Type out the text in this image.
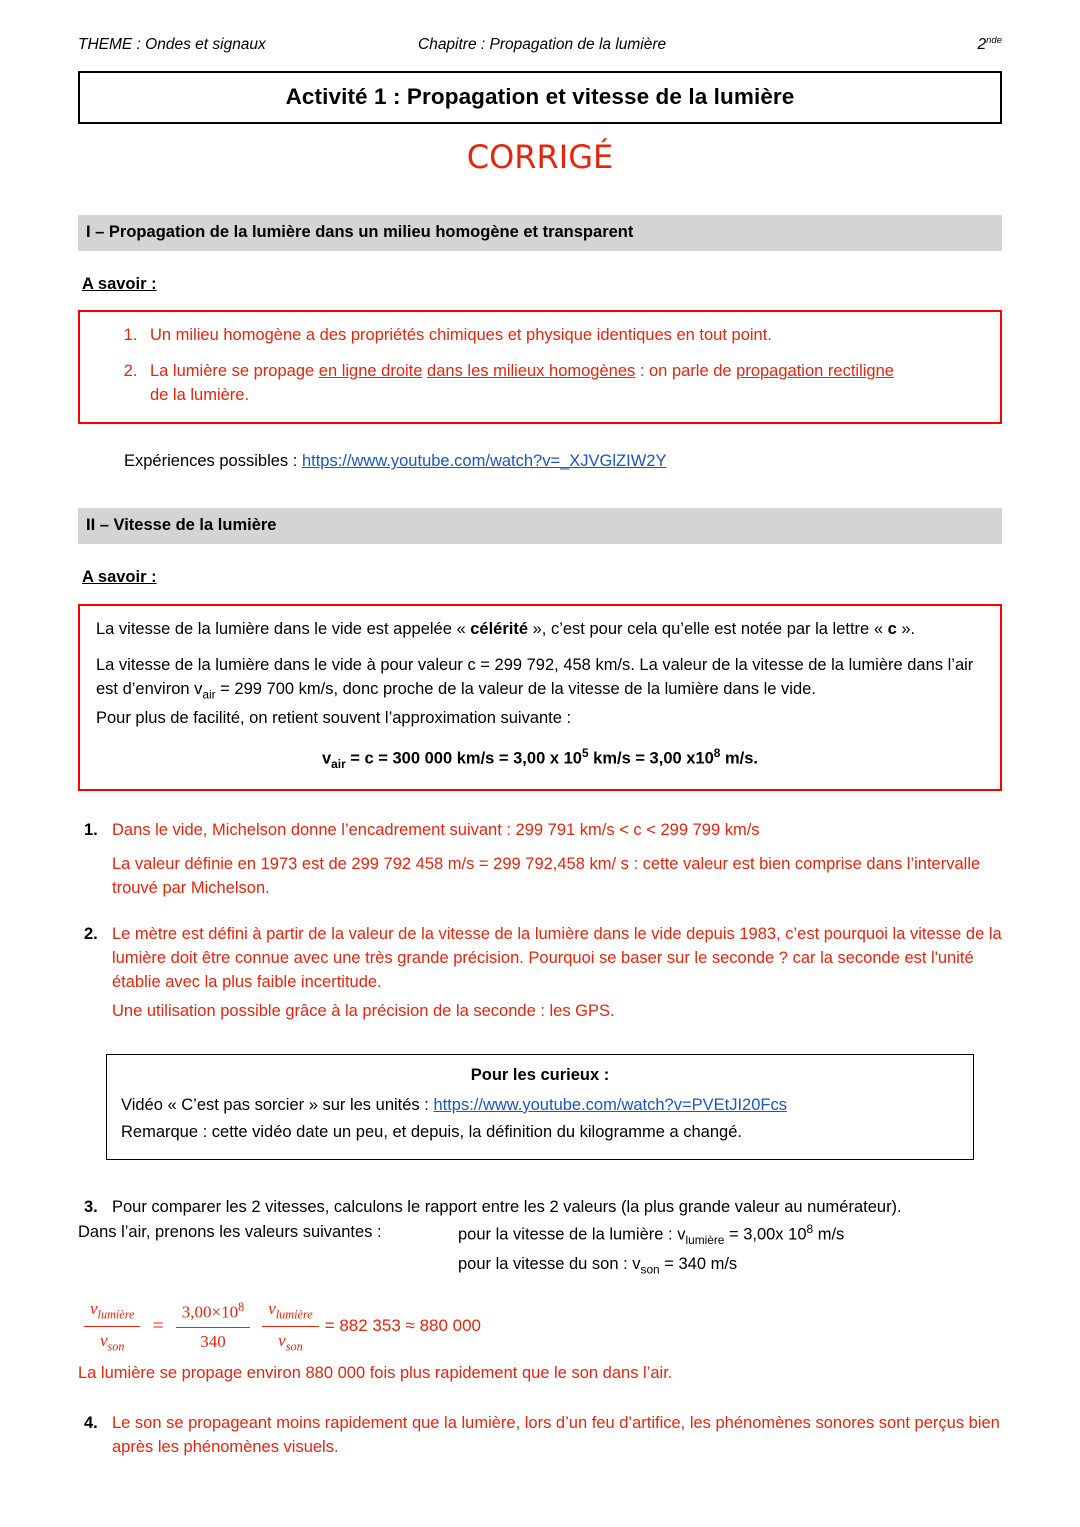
THEME : Ondes et signaux	Chapitre : Propagation de la lumière	2nde
Activité 1 : Propagation et vitesse de la lumière
CORRIGÉ
I – Propagation de la lumière dans un milieu homogène et transparent
A savoir :
1. Un milieu homogène a des propriétés chimiques et physique identiques en tout point.
2. La lumière se propage en ligne droite dans les milieux homogènes : on parle de propagation rectiligne
de la lumière.
Expériences possibles : https://www.youtube.com/watch?v=_XJVGlZIW2Y
II – Vitesse de la lumière
A savoir :

La vitesse de la lumière dans le vide est appelée « célérité », c’est pour cela qu’elle est notée par la lettre « c ».

La vitesse de la lumière dans le vide à pour valeur c = 299 792, 458 km/s. La valeur de la vitesse de la lumière dans l’air est d’environ $v_{air} = 299$ 700 km/s, donc proche de la valeur de la vitesse de la lumière dans le vide.

Pour plus de facilité, on retient souvent l’approximation suivante :

$v_{air} = c = 300$ 000 km/s = 3,00 x $10^5$ km/s = 3,00 $x10^8$ m/s.
1. Dans le vide, Michelson donne l’encadrement suivant : 299 791 km/s < c < 299 799 km/s

La valeur définie en 1973 est de 299 792 458 m/s = 299 792,458 km/ s : cette valeur est bien comprise dans l’intervalle trouvé par Michelson.

2. Le mètre est défini à partir de la valeur de la vitesse de la lumière dans le vide depuis 1983, c’est pourquoi la vitesse de la lumière doit être connue avec une très grande précision. Pourquoi se baser sur le seconde ? car la seconde est l'unité établie avec la plus faible incertitude.

Une utilisation possible grâce à la précision de la seconde : les GPS.

Pour les curieux :

Vidéo « C’est pas sorcier » sur les unités : https://www.youtube.com/watch?v=PVEtJI20Fcs

Remarque : cette vidéo date un peu, et depuis, la définition du kilogramme a changé.

3. Pour comparer les 2 vitesses, calculons le rapport entre les 2 valeurs (la plus grande valeur au numérateur).
Dans l’air, prenons les valeurs suivantes :	pour la vitesse de la lumière : $v_{lumière} = 3,00x$ $10^8$ m/s

pour la vitesse du son : $v_{son} = 340$ m/s

$\frac{v_{lumière}}{v_{son}} = \frac{3,00\times 10^8}{340} \frac{v_{lumière}}{v_{son}} = 882$ 353 ≈ 880 000

La lumière se propage environ 880 000 fois plus rapidement que le son dans l’air.

4. Le son se propageant moins rapidement que la lumière, lors d’un feu d’artifice, les phénomènes sonores sont perçus bien après les phénomènes visuels.
